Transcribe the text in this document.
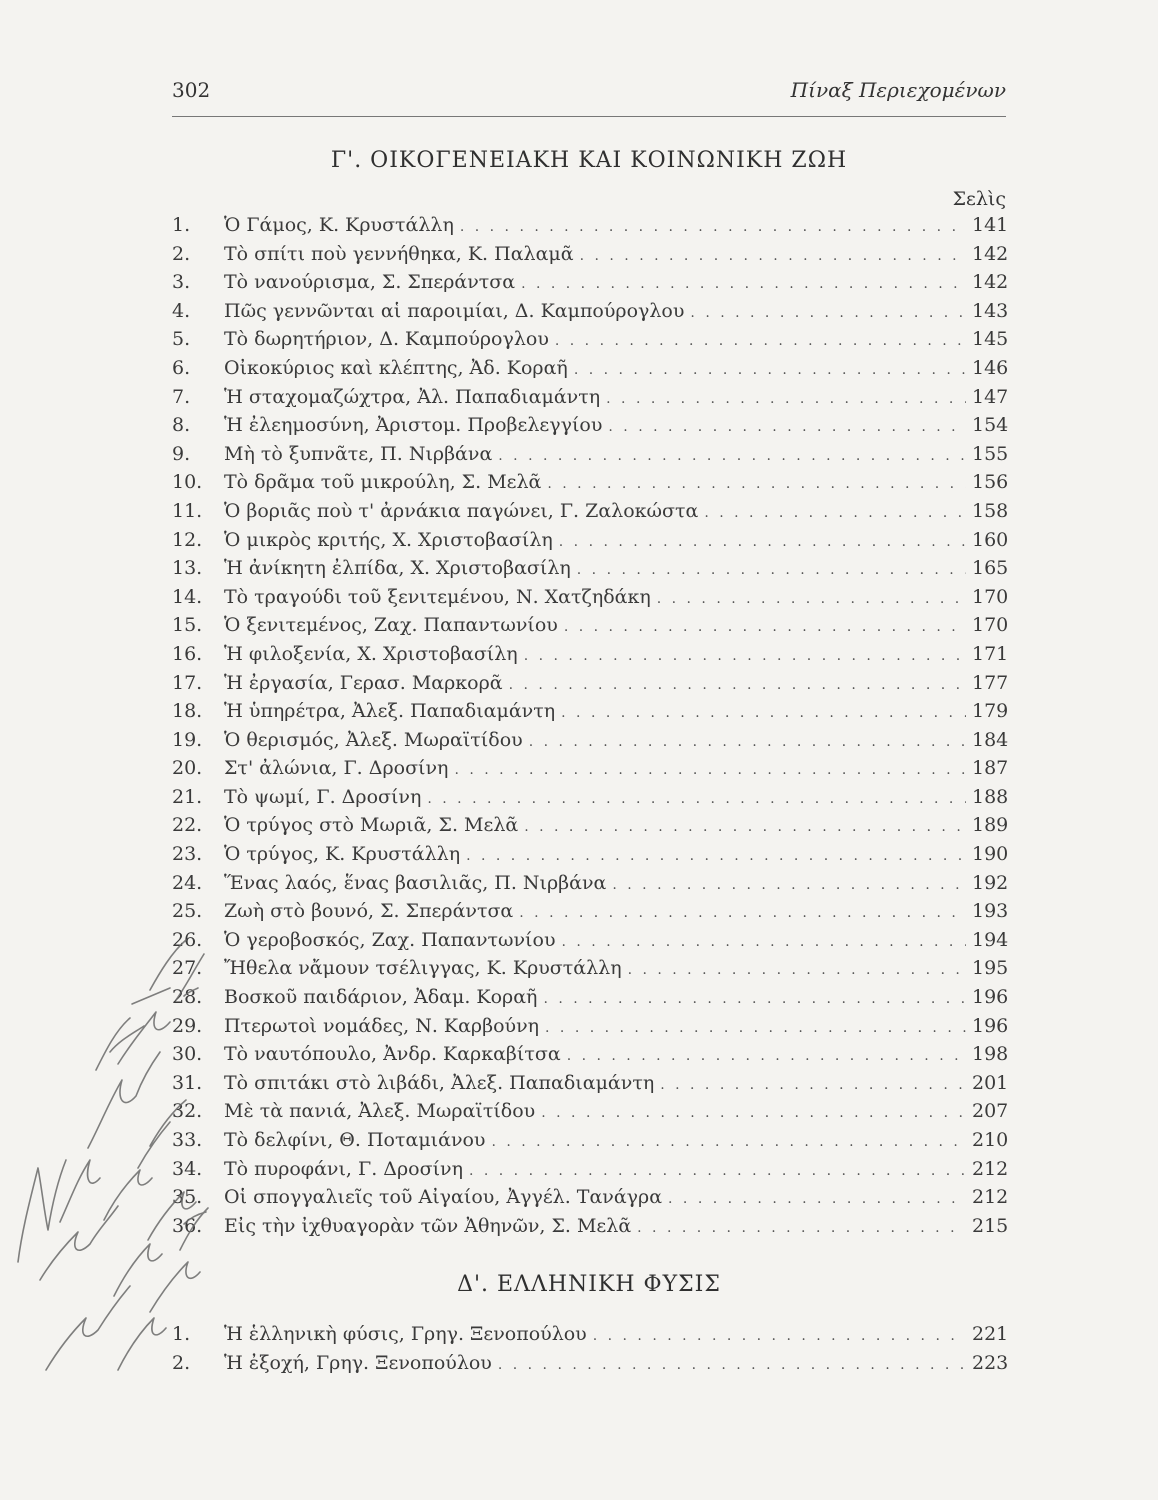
302	Πίναξ Περιεχομένων
Γ'. ΟΙΚΟΓΕΝΕΙΑΚΗ ΚΑΙ ΚΟΙΝΩΝΙΚΗ ΖΩΗ
Σελὶς
1.	Ὁ Γάμος, Κ. Κρυστάλλη . . .	141
2.	Τὸ σπίτι ποὺ γεννήθηκα, Κ. Παλαμᾶ . . .	142
3.	Τὸ νανούρισμα, Σ. Σπεράντσα . . .	142
4.	Πῶς γεννῶνται αἱ παροιμίαι, Δ. Καμπούρογλου . . .	143
5.	Τὸ δωρητήριον, Δ. Καμπούρογλου . . .	145
6.	Οἰκοκύριος καὶ κλέπτης, Ἀδ. Κοραῆ . . .	146
7.	Ἡ σταχομαζώχτρα, Ἀλ. Παπαδιαμάντη . . .	147
8.	Ἡ ἐλεημοσύνη, Ἀριστομ. Προβελεγγίου . . .	154
9.	Μὴ τὸ ξυπνᾶτε, Π. Νιρβάνα . . .	155
10.	Τὸ δρᾶμα τοῦ μικρούλη, Σ. Μελᾶ . . .	156
11.	Ὁ βοριᾶς ποὺ τ' ἀρνάκια παγώνει, Γ. Ζαλοκώστα . . .	158
12.	Ὁ μικρὸς κριτής, Χ. Χριστοβασίλη . . .	160
13.	Ἡ ἀνίκητη ἐλπίδα, Χ. Χριστοβασίλη . . .	165
14.	Τὸ τραγούδι τοῦ ξενιτεμένου, Ν. Χατζηδάκη . . .	170
15.	Ὁ ξενιτεμένος, Ζαχ. Παπαντωνίου . . .	170
16.	Ἡ φιλοξενία, Χ. Χριστοβασίλη . . .	171
17.	Ἡ ἐργασία, Γερασ. Μαρκορᾶ . . .	177
18.	Ἡ ὑπηρέτρα, Ἀλεξ. Παπαδιαμάντη . . .	179
19.	Ὁ θερισμός, Ἀλεξ. Μωραϊτίδου . . .	184
20.	Στ' ἀλώνια, Γ. Δροσίνη . . .	187
21.	Τὸ ψωμί, Γ. Δροσίνη . . .	188
22.	Ὁ τρύγος στὸ Μωριᾶ, Σ. Μελᾶ . . .	189
23.	Ὁ τρύγος, Κ. Κρυστάλλη . . .	190
24.	Ἕνας λαός, ἕνας βασιλιᾶς, Π. Νιρβάνα . . .	192
25.	Ζωὴ στὸ βουνό, Σ. Σπεράντσα . . .	193
26.	Ὁ γεροβοσκός, Ζαχ. Παπαντωνίου . . .	194
27.	Ἤθελα νἄμουν τσέλιγγας, Κ. Κρυστάλλη . . .	195
28.	Βοσκοῦ παιδάριον, Ἀδαμ. Κοραῆ . . .	196
29.	Πτερωτοὶ νομάδες, Ν. Καρβούνη . . .	196
30.	Τὸ ναυτόπουλο, Ἀνδρ. Καρκαβίτσα . . .	198
31.	Τὸ σπιτάκι στὸ λιβάδι, Ἀλεξ. Παπαδιαμάντη . . .	201
32.	Μὲ τὰ πανιά, Ἀλεξ. Μωραϊτίδου . . .	207
33.	Τὸ δελφίνι, Θ. Ποταμιάνου . . .	210
34.	Τὸ πυροφάνι, Γ. Δροσίνη . . .	212
35.	Οἱ σπογγαλιεῖς τοῦ Αἰγαίου, Ἀγγέλ. Τανάγρα . . .	212
36.	Εἰς τὴν ἰχθυαγορὰν τῶν Ἀθηνῶν, Σ. Μελᾶ . . .	215
Δ'. ΕΛΛΗΝΙΚΗ ΦΥΣΙΣ
1.	Ἡ ἑλληνικὴ φύσις, Γρηγ. Ξενοπούλου . . .	221
2.	Ἡ ἐξοχή, Γρηγ. Ξενοπούλου . . .	223
